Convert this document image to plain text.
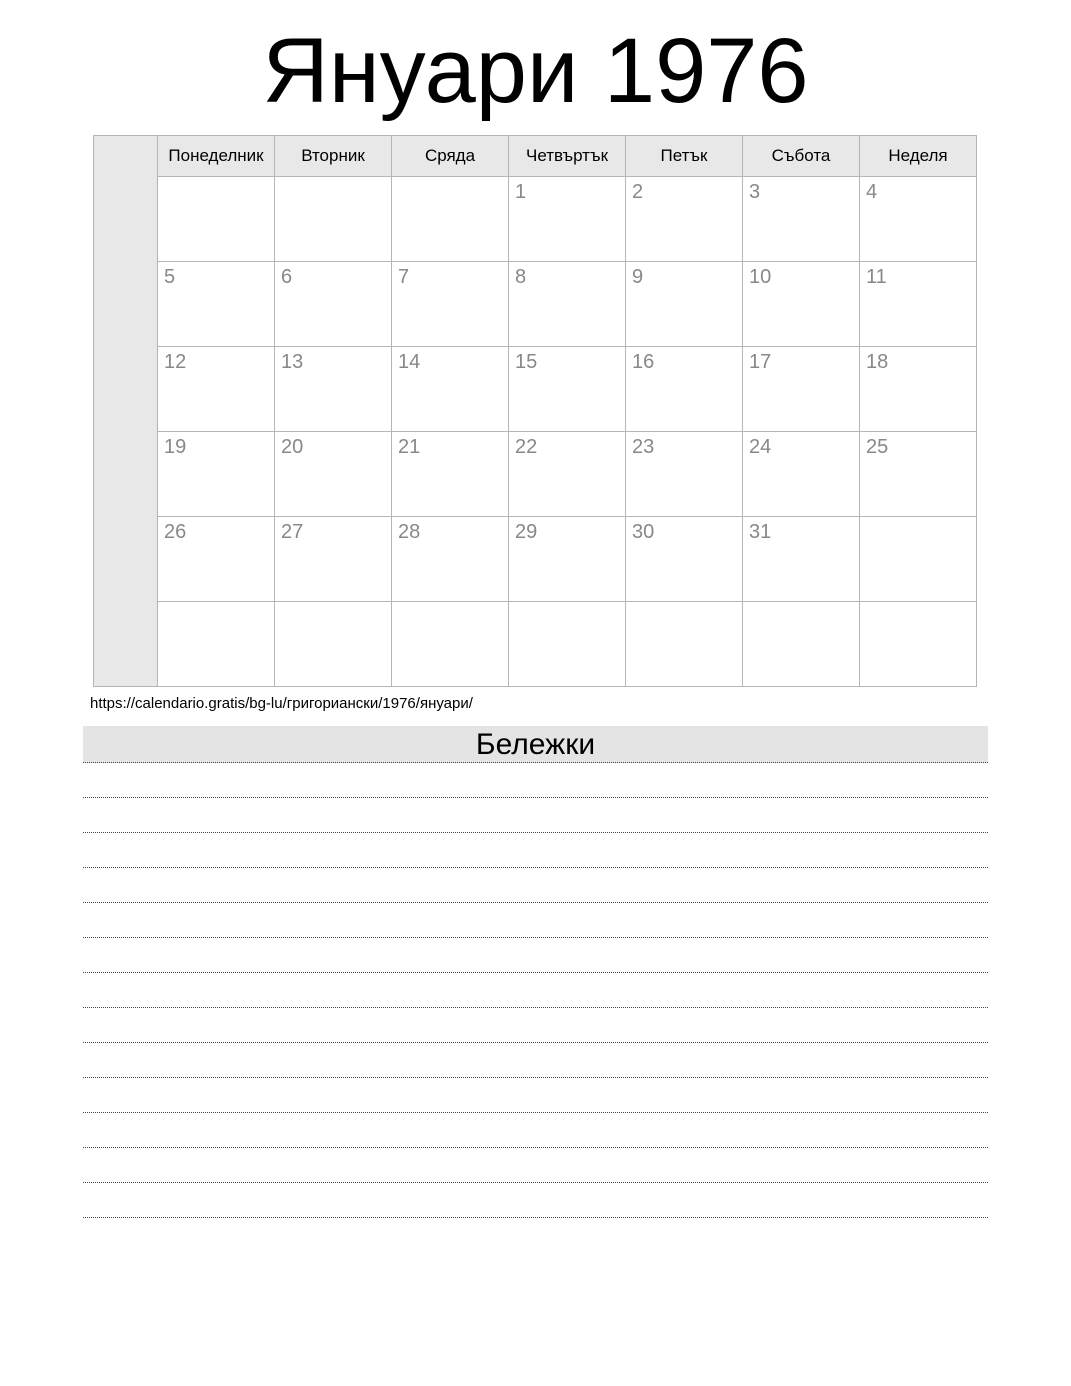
Януари 1976
	Понеделник	Вторник	Сряда	Четвъртък	Петък	Събота	Неделя

				1	2	3	4

	5	6	7	8	9	10	11

	12	13	14	15	16	17	18

	19	20	21	22	23	24	25

	26	27	28	29	30	31	

https://calendario.gratis/bg-lu/григориански/1976/януари/
Бележки
